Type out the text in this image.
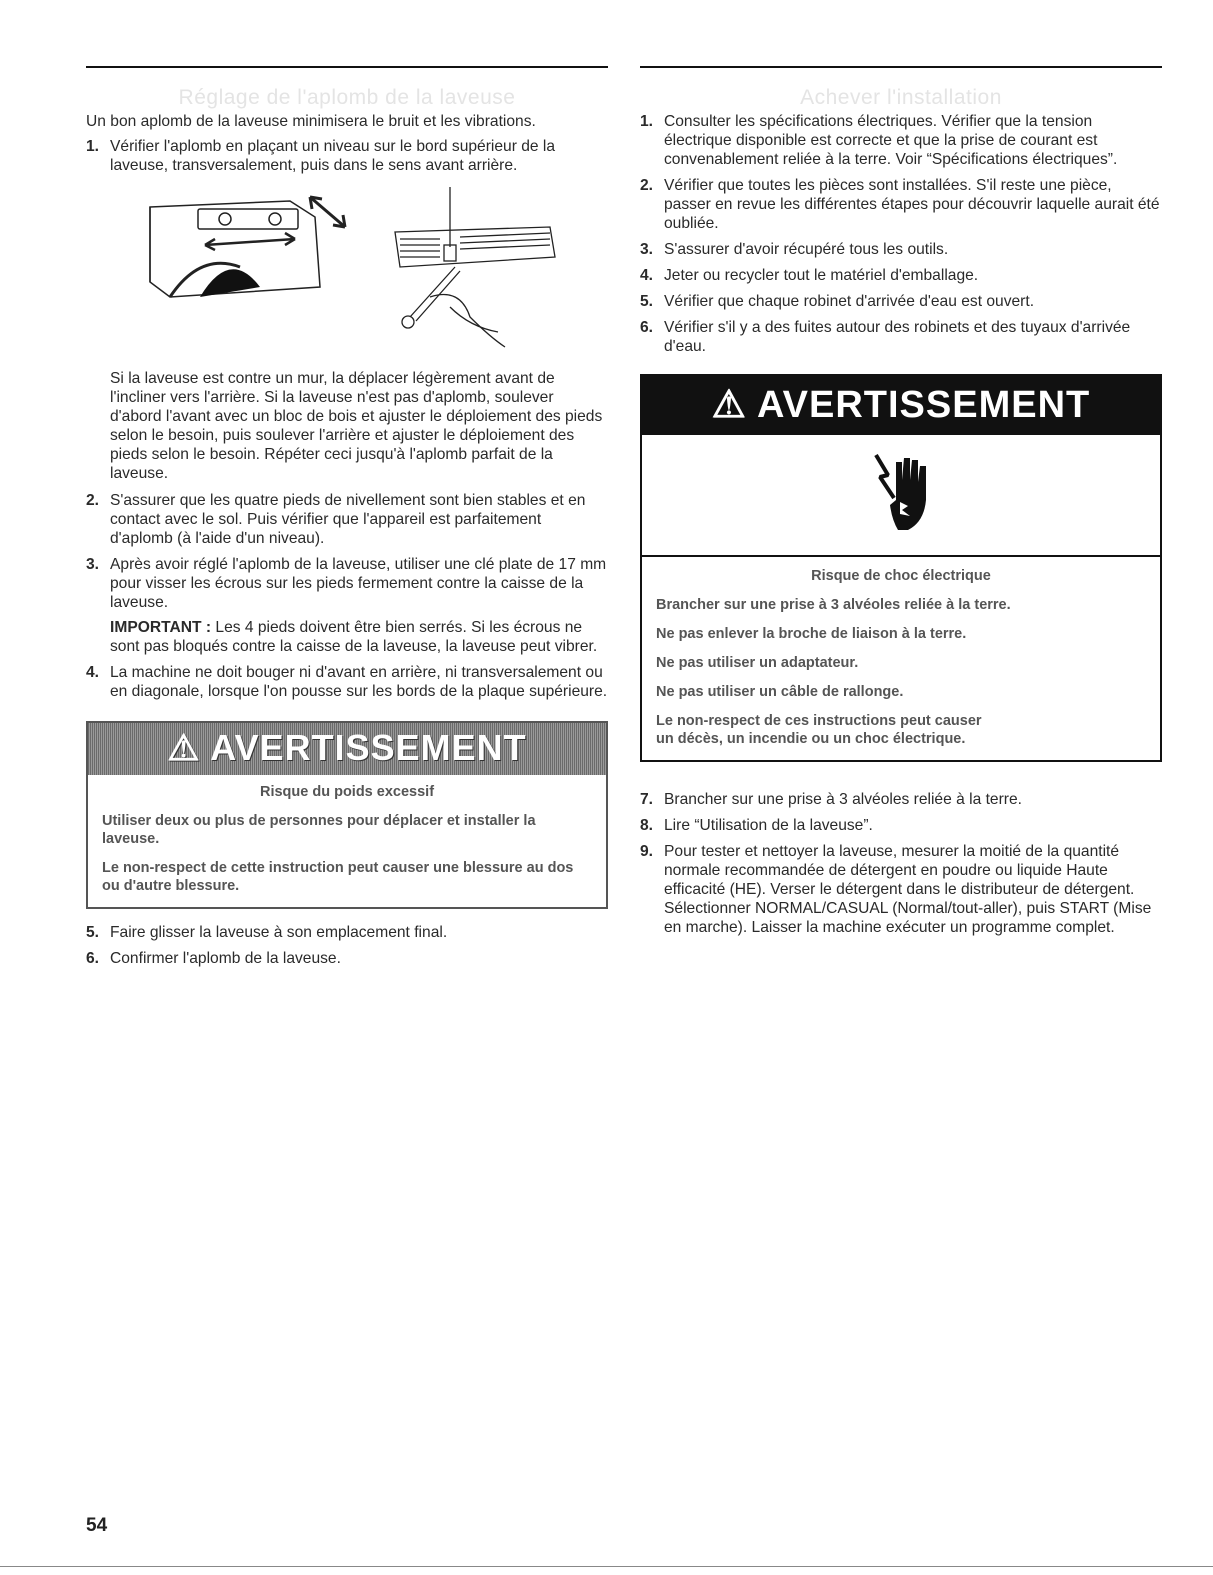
Réglage de l'aplomb de la laveuse

Un bon aplomb de la laveuse minimisera le bruit et les vibrations.

1. Vérifier l'aplomb en plaçant un niveau sur le bord supérieur de la laveuse, transversalement, puis dans le sens avant arrière.

Si la laveuse est contre un mur, la déplacer légèrement avant de l'incliner vers l'arrière. Si la laveuse n'est pas d'aplomb, soulever d'abord l'avant avec un bloc de bois et ajuster le déploiement des pieds selon le besoin, puis soulever l'arrière et ajuster le déploiement des pieds selon le besoin. Répéter ceci jusqu'à l'aplomb parfait de la laveuse.

2. S'assurer que les quatre pieds de nivellement sont bien stables et en contact avec le sol. Puis vérifier que l'appareil est parfaitement d'aplomb (à l'aide d'un niveau).
3. Après avoir réglé l'aplomb de la laveuse, utiliser une clé plate de 17 mm pour visser les écrous sur les pieds fermement contre la caisse de la laveuse.

IMPORTANT : Les 4 pieds doivent être bien serrés. Si les écrous ne sont pas bloqués contre la caisse de la laveuse, la laveuse peut vibrer.

4. La machine ne doit bouger ni d'avant en arrière, ni transversalement ou en diagonale, lorsque l'on pousse sur les bords de la plaque supérieure.
⚠ AVERTISSEMENT
Risque du poids excessif
Utiliser deux ou plus de personnes pour déplacer et installer la laveuse.
Le non-respect de cette instruction peut causer une blessure au dos ou d'autre blessure.
5. Faire glisser la laveuse à son emplacement final.
6. Confirmer l'aplomb de la laveuse.
Achever l'installation
1. Consulter les spécifications électriques. Vérifier que la tension électrique disponible est correcte et que la prise de courant est convenablement reliée à la terre. Voir “Spécifications électriques”.
2. Vérifier que toutes les pièces sont installées. S'il reste une pièce, passer en revue les différentes étapes pour découvrir laquelle aurait été oubliée.
3. S'assurer d'avoir récupéré tous les outils.
4. Jeter ou recycler tout le matériel d'emballage.
5. Vérifier que chaque robinet d'arrivée d'eau est ouvert.
6. Vérifier s'il y a des fuites autour des robinets et des tuyaux d'arrivée d'eau.
⚠ AVERTISSEMENT
Risque de choc électrique
Brancher sur une prise à 3 alvéoles reliée à la terre.
Ne pas enlever la broche de liaison à la terre.
Ne pas utiliser un adaptateur.
Ne pas utiliser un câble de rallonge.
Le non-respect de ces instructions peut causer
un décès, un incendie ou un choc électrique.
7. Brancher sur une prise à 3 alvéoles reliée à la terre.
8. Lire “Utilisation de la laveuse”.
9. Pour tester et nettoyer la laveuse, mesurer la moitié de la quantité normale recommandée de détergent en poudre ou liquide Haute efficacité (HE). Verser le détergent dans le distributeur de détergent. Sélectionner NORMAL/CASUAL (Normal/tout-aller), puis START (Mise en marche). Laisser la machine exécuter un programme complet.
54
